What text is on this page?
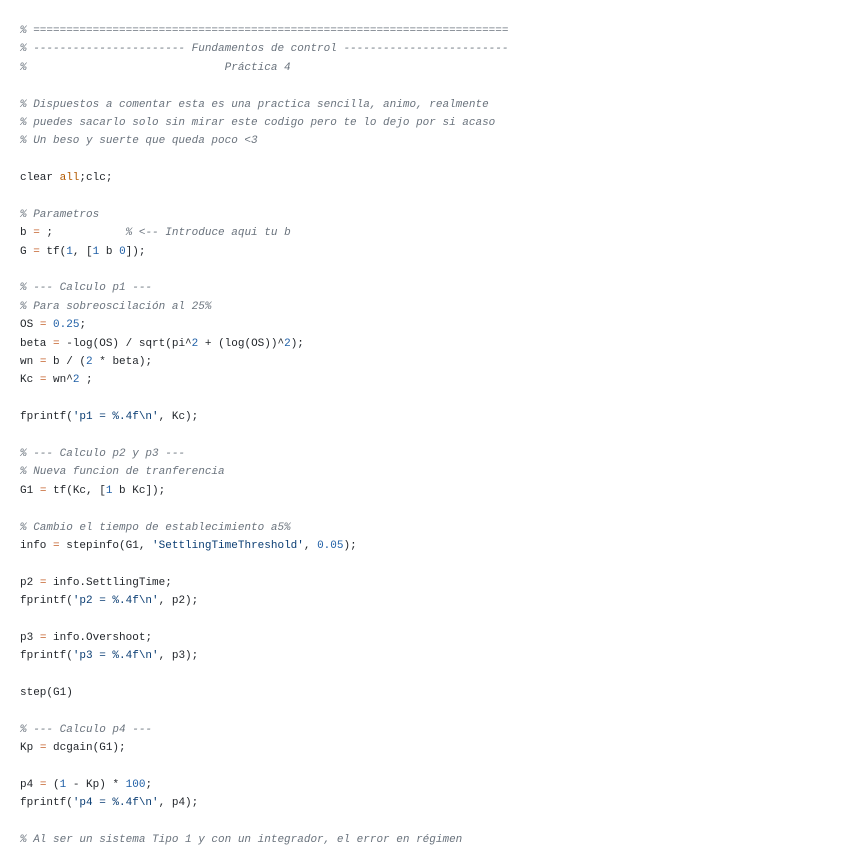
% ========================================================================
% ----------------------- Fundamentos de control -------------------------
%                              Práctica 4
% Dispuestos a comentar esta es una practica sencilla, animo, realmente
% puedes sacarlo solo sin mirar este codigo pero te lo dejo por si acaso
% Un beso y suerte que queda poco <3
clear all;clc;
% Parametros
b = ;           % <-- Introduce aqui tu b
G = tf(1, [1 b 0]);
% --- Calculo p1 ---
% Para sobreoscilación al 25%
OS = 0.25;
beta = -log(OS) / sqrt(pi^2 + (log(OS))^2);
wn = b / (2 * beta);
Kc = wn^2 ;
fprintf('p1 = %.4f\n', Kc);
% --- Calculo p2 y p3 ---
% Nueva funcion de tranferencia
G1 = tf(Kc, [1 b Kc]);
% Cambio el tiempo de establecimiento a5%
info = stepinfo(G1, 'SettlingTimeThreshold', 0.05);
p2 = info.SettlingTime;
fprintf('p2 = %.4f\n', p2);
p3 = info.Overshoot;
fprintf('p3 = %.4f\n', p3);
step(G1)
% --- Calculo p4 ---
Kp = dcgain(G1);
p4 = (1 - Kp) * 100;
fprintf('p4 = %.4f\n', p4);
% Al ser un sistema Tipo 1 y con un integrador, el error en régimen
